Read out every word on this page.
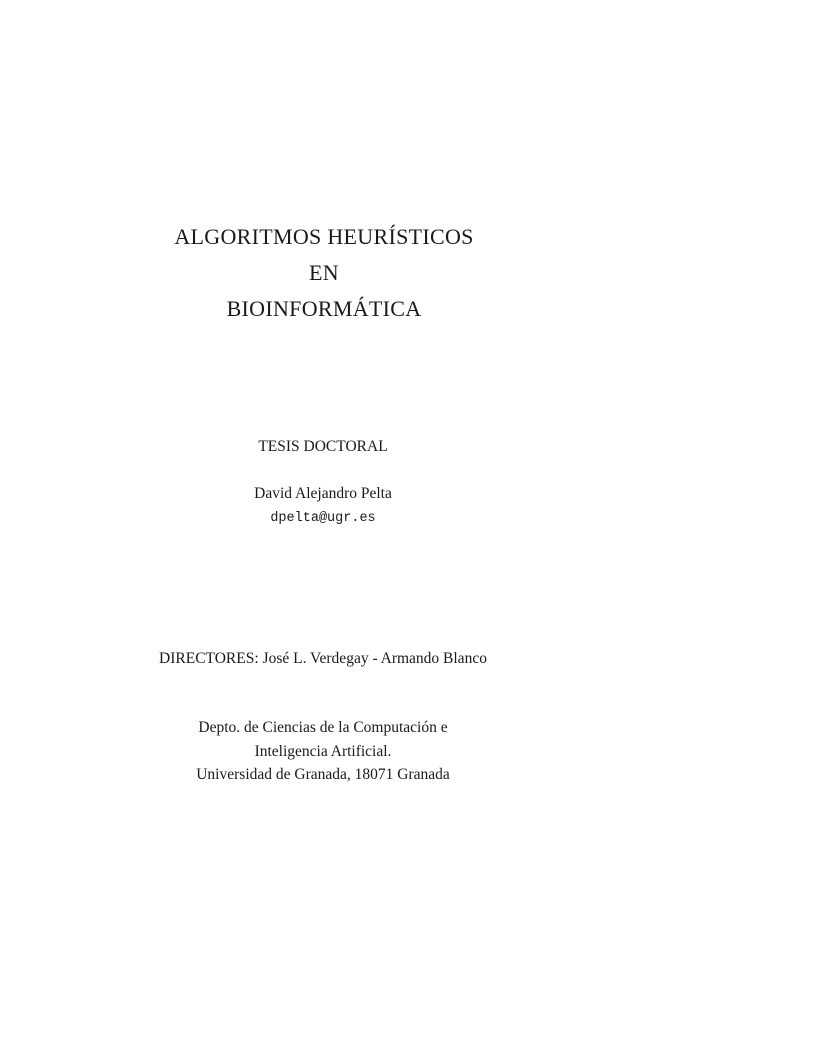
ALGORITMOS HEURÍSTICOS
EN
BIOINFORMÁTICA
TESIS DOCTORAL
David Alejandro Pelta
dpelta@ugr.es
DIRECTORES: José L. Verdegay - Armando Blanco
Depto. de Ciencias de la Computación e
Inteligencia Artificial.
Universidad de Granada, 18071 Granada
